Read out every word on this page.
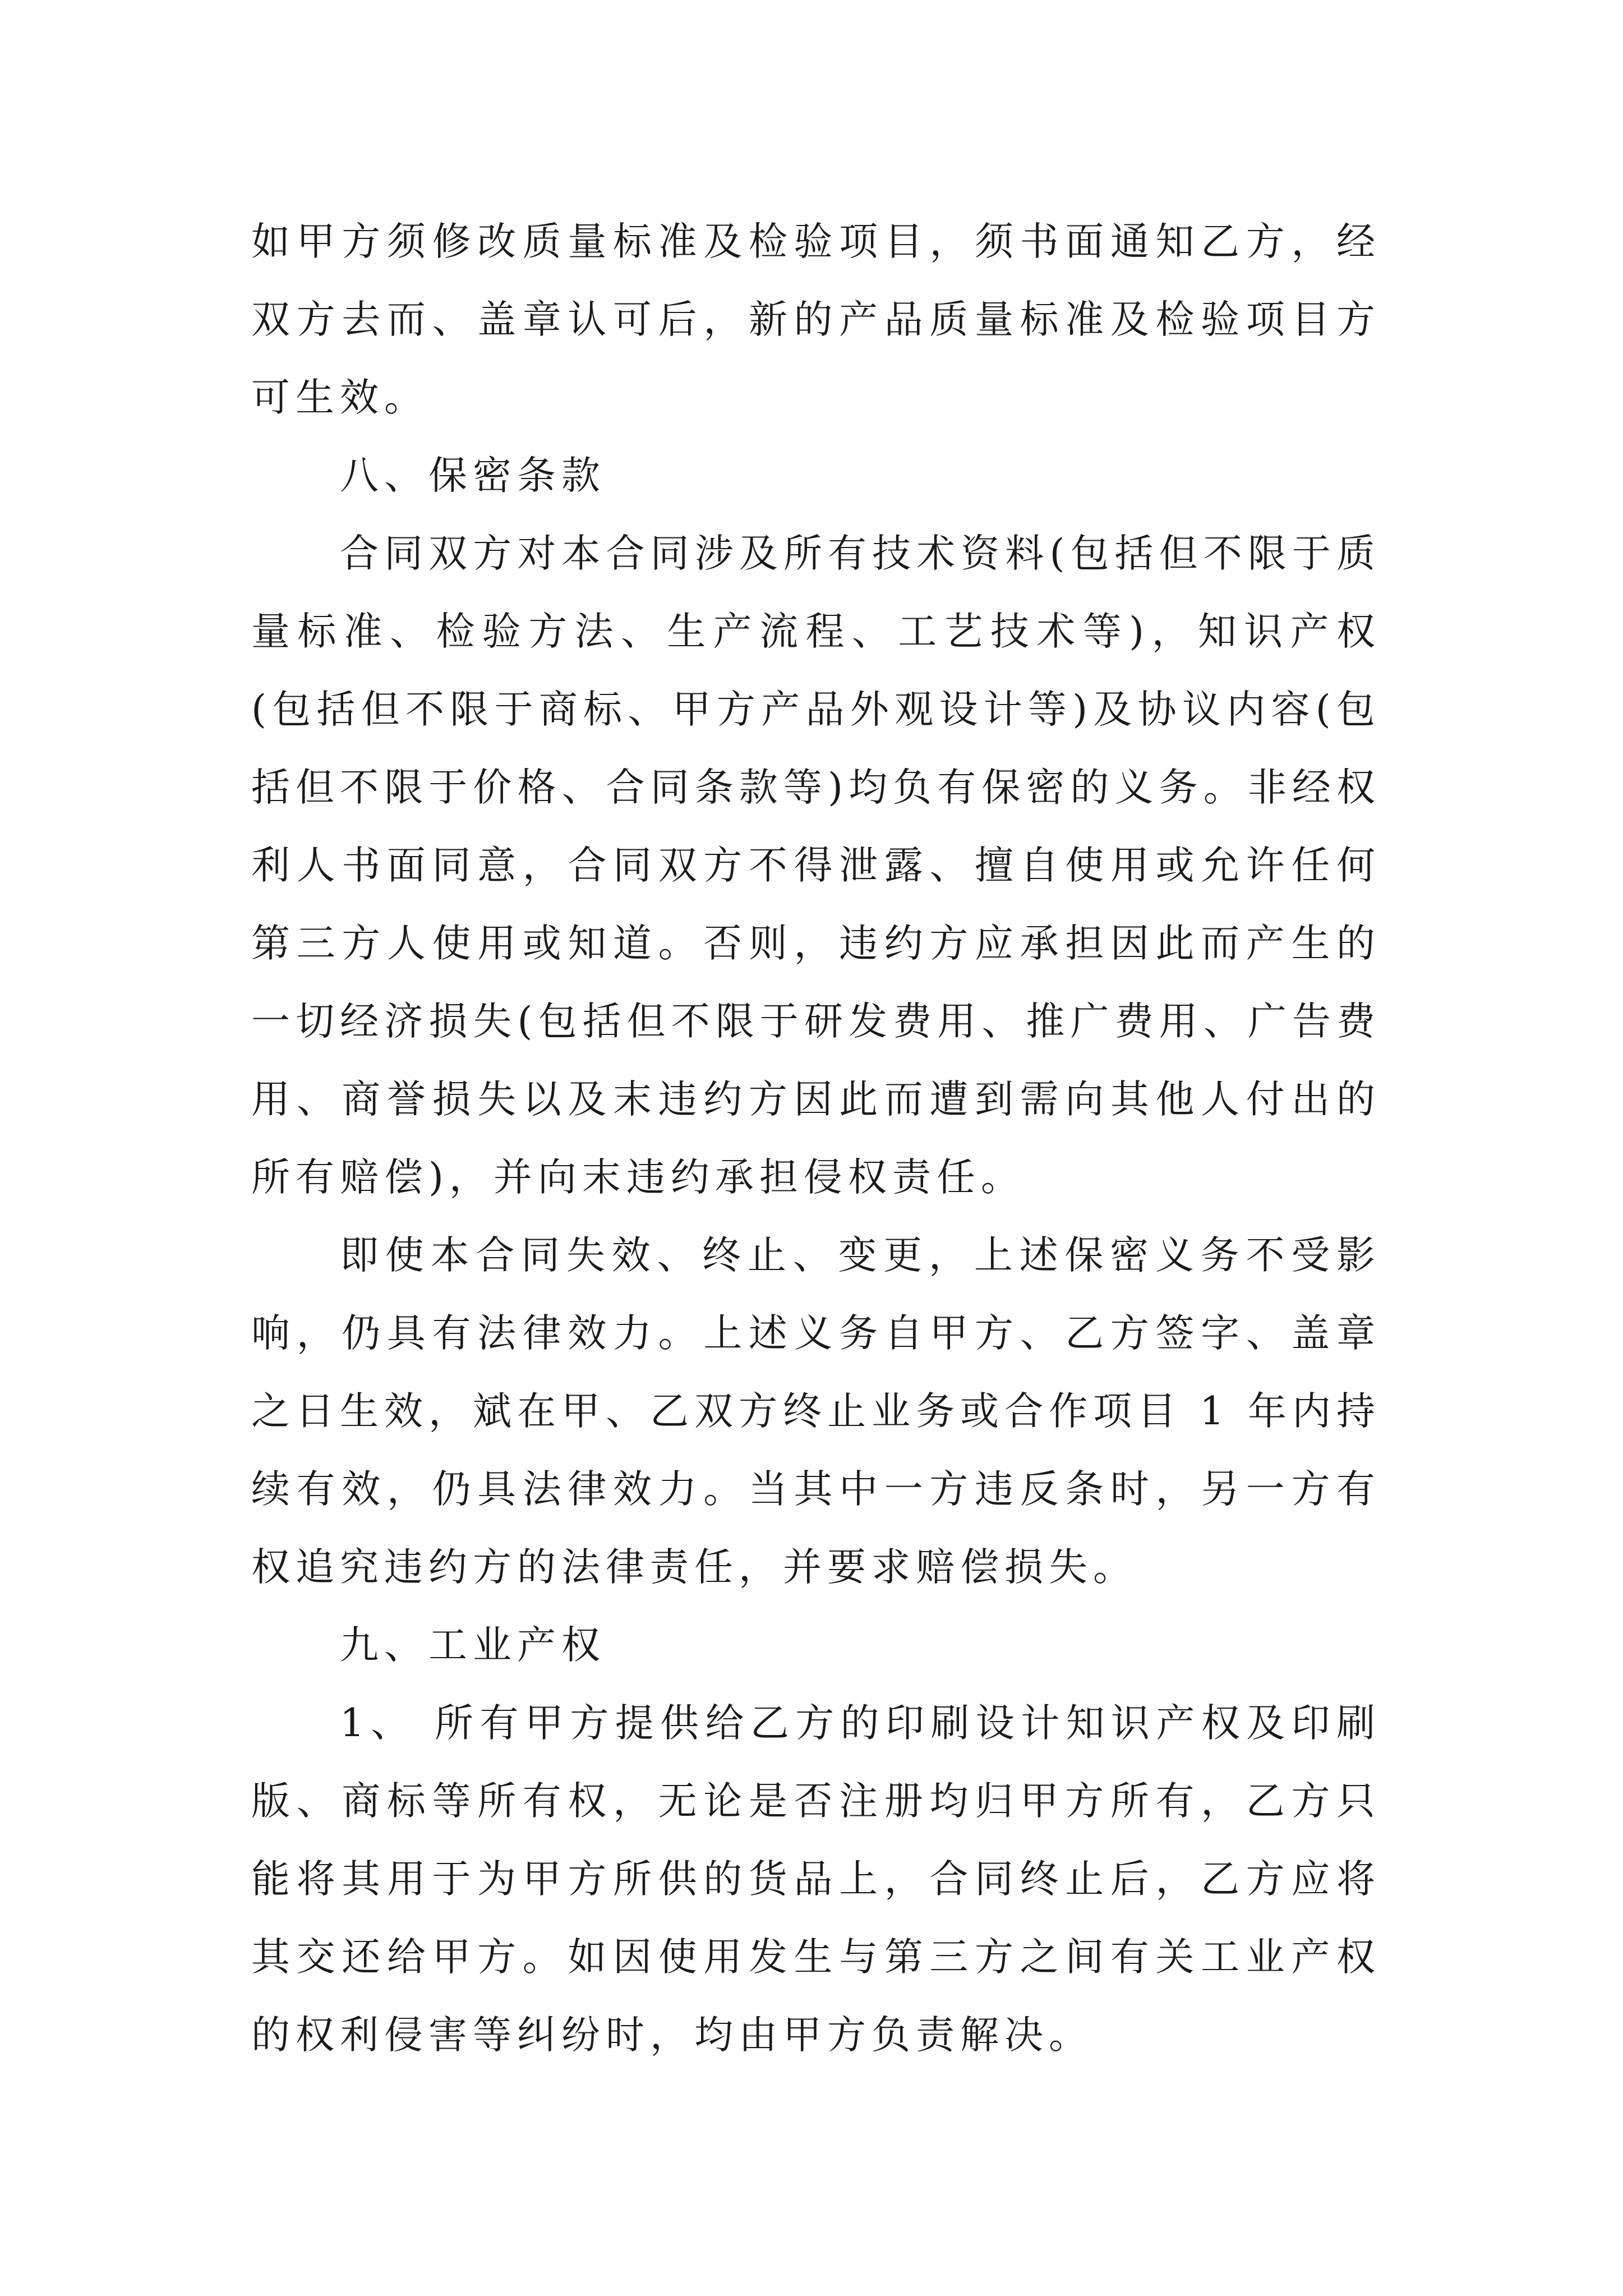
如甲方须修改质量标准及检验项目，须书面通知乙方，经双方去而、盖章认可后，新的产品质量标准及检验项目方可生效。

八、保密条款

合同双方对本合同涉及所有技术资料(包括但不限于质量标准、检验方法、生产流程、工艺技术等)，知识产权(包括但不限于商标、甲方产品外观设计等)及协议内容(包括但不限于价格、合同条款等)均负有保密的义务。非经权利人书面同意，合同双方不得泄露、擅自使用或允许任何第三方人使用或知道。否则，违约方应承担因此而产生的一切经济损失(包括但不限于研发费用、推广费用、广告费用、商誉损失以及末违约方因此而遭到需向其他人付出的所有赔偿)，并向末违约承担侵权责任。

即使本合同失效、终止、变更，上述保密义务不受影响，仍具有法律效力。上述义务自甲方、乙方签字、盖章之日生效，斌在甲、乙双方终止业务或合作项目 1 年内持续有效，仍具法律效力。当其中一方违反条时，另一方有权追究违约方的法律责任，并要求赔偿损失。

九、工业产权

1、 所有甲方提供给乙方的印刷设计知识产权及印刷版、商标等所有权，无论是否注册均归甲方所有，乙方只能将其用于为甲方所供的货品上，合同终止后，乙方应将其交还给甲方。如因使用发生与第三方之间有关工业产权的权利侵害等纠纷时，均由甲方负责解决。
